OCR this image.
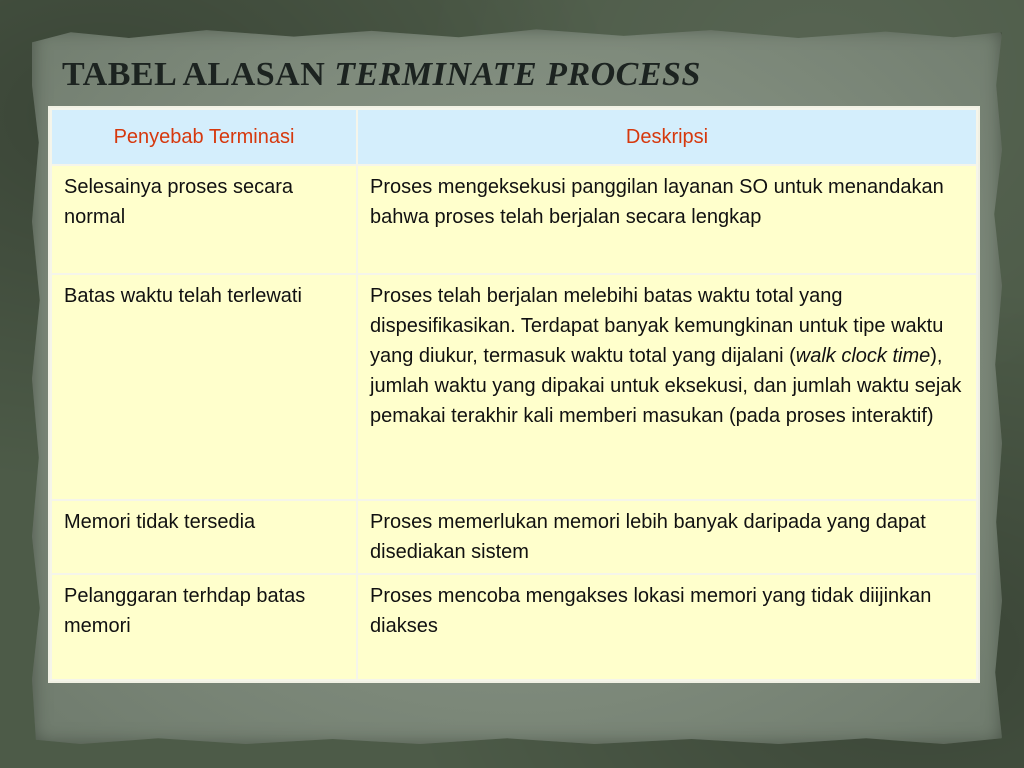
TABEL ALASAN TERMINATE PROCESS
Penyebab Terminasi	Deskripsi
Selesainya proses secara normal	Proses mengeksekusi panggilan layanan SO untuk menandakan bahwa proses telah berjalan secara lengkap
Batas waktu telah terlewati	Proses telah berjalan melebihi batas waktu total yang dispesifikasikan. Terdapat banyak kemungkinan untuk tipe waktu yang diukur, termasuk waktu total yang dijalani (walk clock time), jumlah waktu yang dipakai untuk eksekusi, dan jumlah waktu sejak pemakai terakhir kali memberi masukan (pada proses interaktif)
Memori tidak tersedia	Proses memerlukan memori lebih banyak daripada yang dapat disediakan sistem
Pelanggaran terhdap batas memori	Proses mencoba mengakses lokasi memori yang tidak diijinkan diakses
